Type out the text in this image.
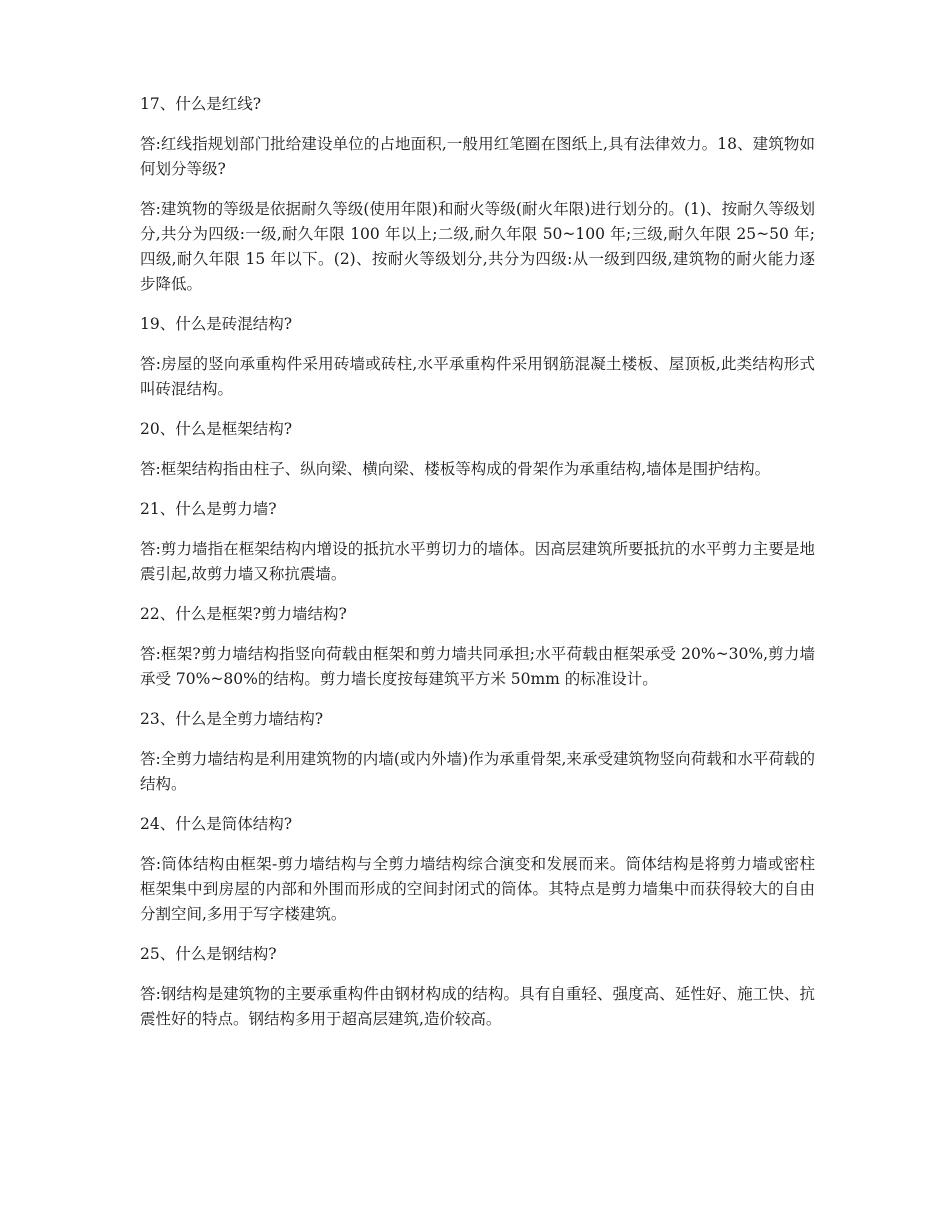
17、什么是红线?

答:红线指规划部门批给建设单位的占地面积,一般用红笔圈在图纸上,具有法律效力。18、建筑物如何划分等级?

答:建筑物的等级是依据耐久等级(使用年限)和耐火等级(耐火年限)进行划分的。(1)、按耐久等级划分,共分为四级:一级,耐久年限 100 年以上;二级,耐久年限 50~100 年;三级,耐久年限 25~50 年;四级,耐久年限 15 年以下。(2)、按耐火等级划分,共分为四级:从一级到四级,建筑物的耐火能力逐步降低。

19、什么是砖混结构?

答:房屋的竖向承重构件采用砖墙或砖柱,水平承重构件采用钢筋混凝土楼板、屋顶板,此类结构形式叫砖混结构。

20、什么是框架结构?

答:框架结构指由柱子、纵向梁、横向梁、楼板等构成的骨架作为承重结构,墙体是围护结构。

21、什么是剪力墙?

答:剪力墙指在框架结构内增设的抵抗水平剪切力的墙体。因高层建筑所要抵抗的水平剪力主要是地震引起,故剪力墙又称抗震墙。

22、什么是框架?剪力墙结构?

答:框架?剪力墙结构指竖向荷载由框架和剪力墙共同承担;水平荷载由框架承受 20%~30%,剪力墙承受 70%~80%的结构。剪力墙长度按每建筑平方米 50mm 的标准设计。

23、什么是全剪力墙结构?

答:全剪力墙结构是利用建筑物的内墙(或内外墙)作为承重骨架,来承受建筑物竖向荷载和水平荷载的结构。

24、什么是筒体结构?

答:筒体结构由框架-剪力墙结构与全剪力墙结构综合演变和发展而来。筒体结构是将剪力墙或密柱框架集中到房屋的内部和外围而形成的空间封闭式的筒体。其特点是剪力墙集中而获得较大的自由分割空间,多用于写字楼建筑。

25、什么是钢结构?

答:钢结构是建筑物的主要承重构件由钢材构成的结构。具有自重轻、强度高、延性好、施工快、抗震性好的特点。钢结构多用于超高层建筑,造价较高。
